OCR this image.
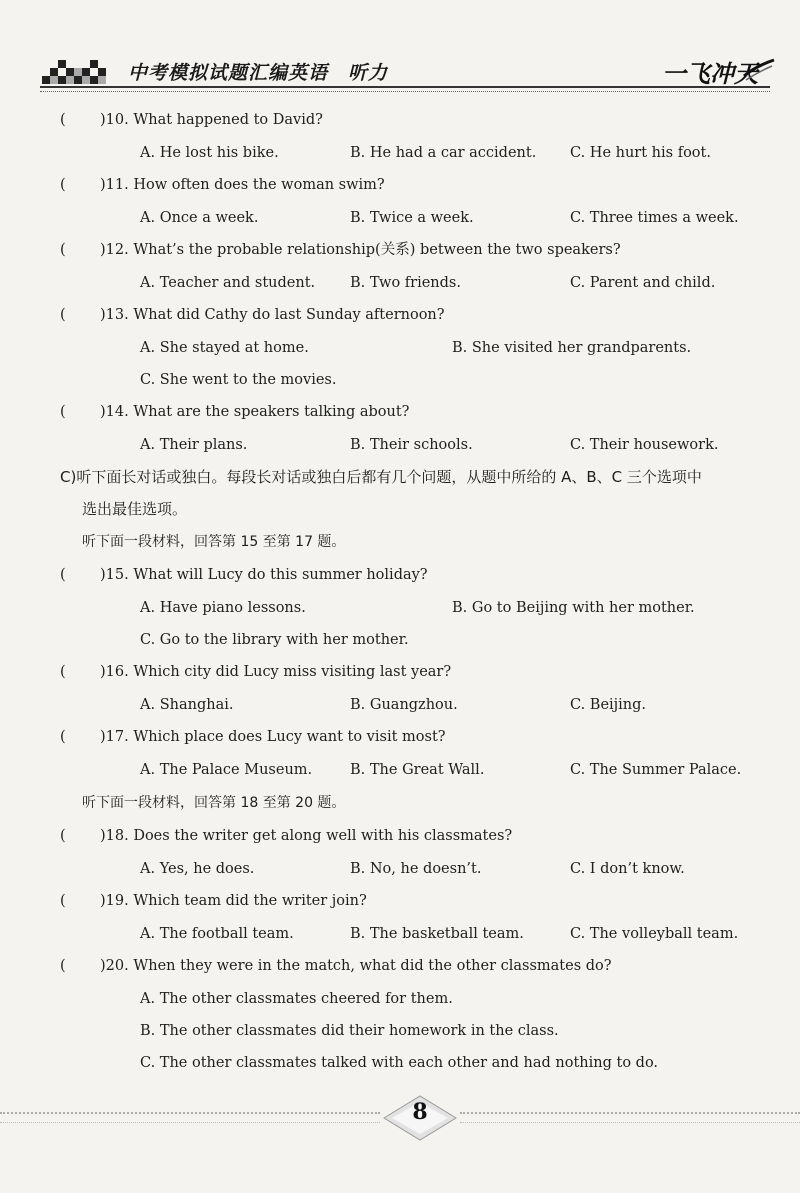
中考模拟试题汇编英语　听力	一飞冲天
( )10. What happened to David?
A. He lost his bike.	B. He had a car accident. C. He hurt his foot.
( )11. How often does the woman swim?
A. Once a week.	B. Twice a week.	C. Three times a week.
( )12. What’s the probable relationship(关系) between the two speakers?
A. Teacher and student. B. Two friends.	C. Parent and child.
( )13. What did Cathy do last Sunday afternoon?
A. She stayed at home.	B. She visited her grandparents.
C. She went to the movies.
( )14. What are the speakers talking about?
A. Their plans.	B. Their schools.	C. Their housework.
C)听下面长对话或独白。每段长对话或独白后都有几个问题，从题中所给的 A、B、C 三个选项中
选出最佳选项。
听下面一段材料，回答第 15 至第 17 题。
( )15. What will Lucy do this summer holiday?
A. Have piano lessons.	B. Go to Beijing with her mother.
C. Go to the library with her mother.
( )16. Which city did Lucy miss visiting last year?
A. Shanghai.	B. Guangzhou.	C. Beijing.
( )17. Which place does Lucy want to visit most?
A. The Palace Museum.	B. The Great Wall.	C. The Summer Palace.
听下面一段材料，回答第 18 至第 20 题。
( )18. Does the writer get along well with his classmates?
A. Yes, he does.	B. No, he doesn’t.	C. I don’t know.
( )19. Which team did the writer join?
A. The football team.	B. The basketball team.	C. The volleyball team.
( )20. When they were in the match, what did the other classmates do?
A. The other classmates cheered for them.
B. The other classmates did their homework in the class.
C. The other classmates talked with each other and had nothing to do.
8
